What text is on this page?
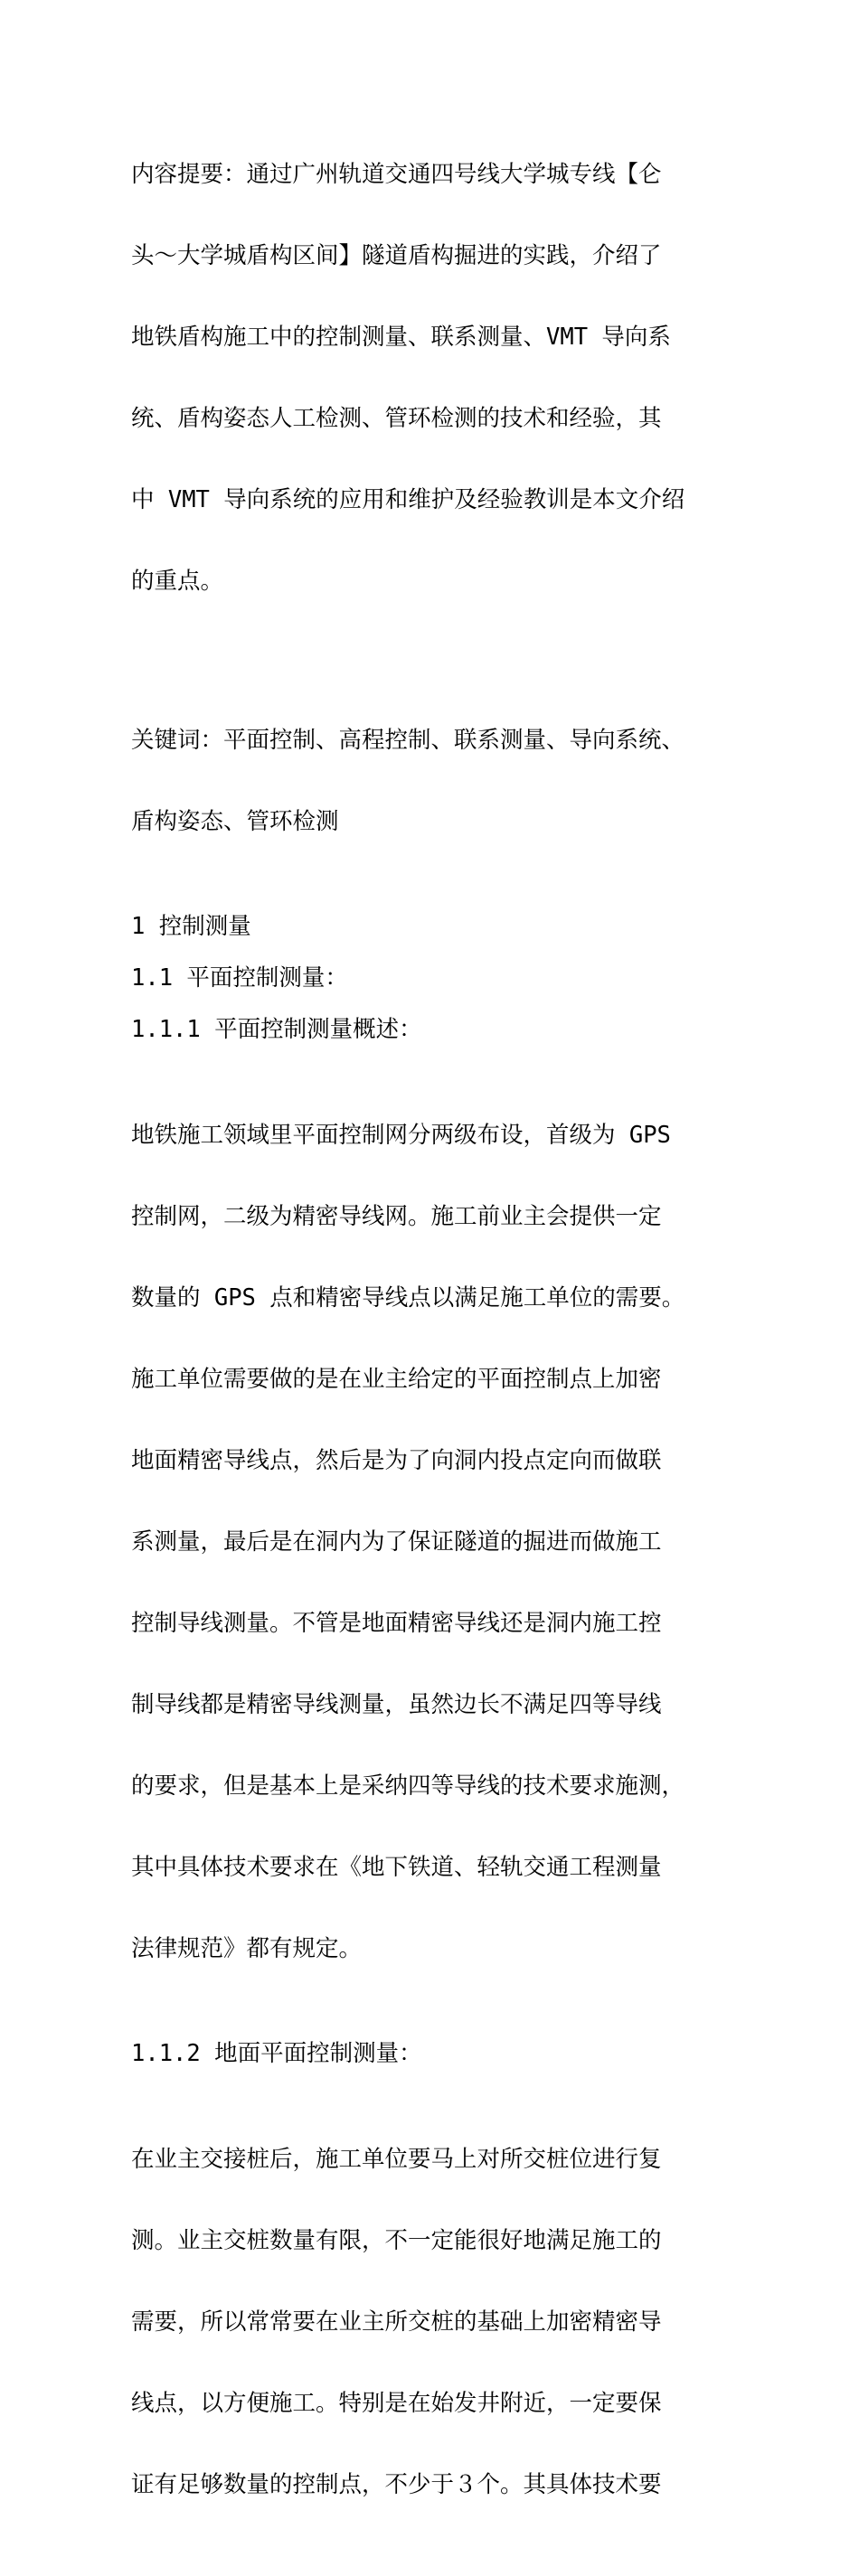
内容提要：通过广州轨道交通四号线大学城专线【仑

头～大学城盾构区间】隧道盾构掘进的实践，介绍了

地铁盾构施工中的控制测量、联系测量、VMT 导向系

统、盾构姿态人工检测、管环检测的技术和经验，其

中 VMT 导向系统的应用和维护及经验教训是本文介绍

的重点。

关键词：平面控制、高程控制、联系测量、导向系统、

盾构姿态、管环检测

1 控制测量
1.1 平面控制测量：
1.1.1 平面控制测量概述：

地铁施工领域里平面控制网分两级布设，首级为 GPS

控制网，二级为精密导线网。施工前业主会提供一定

数量的 GPS 点和精密导线点以满足施工单位的需要。

施工单位需要做的是在业主给定的平面控制点上加密

地面精密导线点，然后是为了向洞内投点定向而做联

系测量，最后是在洞内为了保证隧道的掘进而做施工

控制导线测量。不管是地面精密导线还是洞内施工控

制导线都是精密导线测量，虽然边长不满足四等导线

的要求，但是基本上是采纳四等导线的技术要求施测，

其中具体技术要求在《地下铁道、轻轨交通工程测量

法律规范》都有规定。

1.1.2 地面平面控制测量：

在业主交接桩后，施工单位要马上对所交桩位进行复

测。业主交桩数量有限，不一定能很好地满足施工的

需要，所以常常要在业主所交桩的基础上加密精密导

线点，以方便施工。特别是在始发井附近，一定要保

证有足够数量的控制点，不少于３个。其具体技术要
